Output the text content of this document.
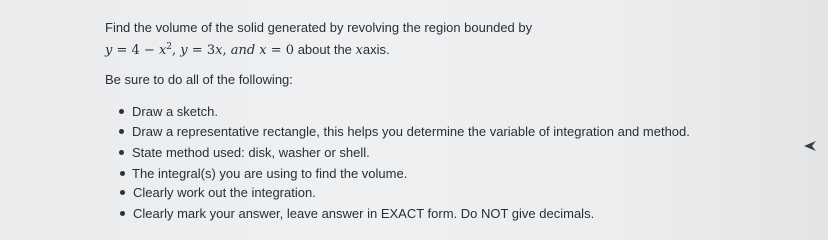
Find the volume of the solid generated by revolving the region bounded by
$y = 4 - x^2$, y = 3x, and x = 0 about the xaxis.
Be sure to do all of the following:
Draw a sketch.
Draw a representative rectangle, this helps you determine the variable of integration and method.
State method used: disk, washer or shell.
The integral(s) you are using to find the volume.
Clearly work out the integration.
Clearly mark your answer, leave answer in EXACT form. Do NOT give decimals.
